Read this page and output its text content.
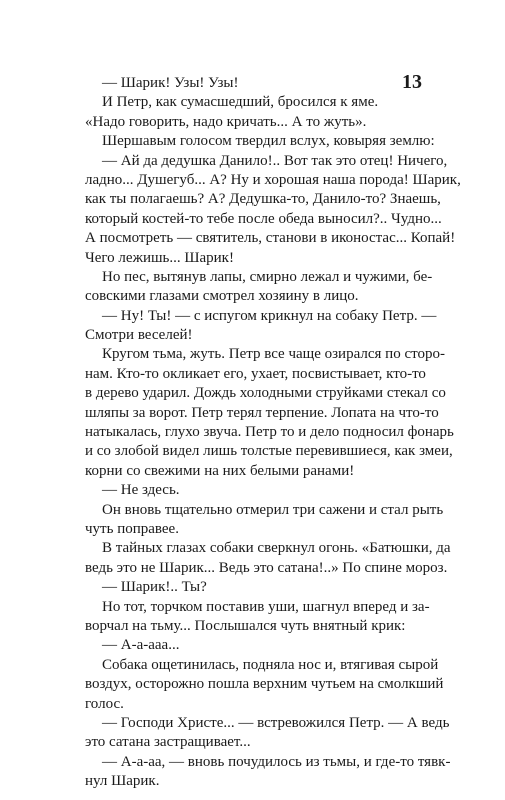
13
— Шарик! Узы! Узы!
И Петр, как сумасшедший, бросился к яме.
«Надо говорить, надо кричать... А то жуть».
Шершавым голосом твердил вслух, ковыряя землю:
— Ай да дедушка Данило!.. Вот так это отец! Ничего,
ладно... Душегуб... А? Ну и хорошая наша порода! Шарик,
как ты полагаешь? А? Дедушка-то, Данило-то? Знаешь,
который костей-то тебе после обеда выносил?.. Чудно...
А посмотреть — святитель, станови в иконостас... Копай!
Чего лежишь... Шарик!
Но пес, вытянув лапы, смирно лежал и чужими, бе-
совскими глазами смотрел хозяину в лицо.
— Ну! Ты! — с испугом крикнул на собаку Петр. —
Смотри веселей!
Кругом тьма, жуть. Петр все чаще озирался по сторо-
нам. Кто-то окликает его, ухает, посвистывает, кто-то
в дерево ударил. Дождь холодными струйками стекал со
шляпы за ворот. Петр терял терпение. Лопата на что-то
натыкалась, глухо звуча. Петр то и дело подносил фонарь
и со злобой видел лишь толстые перевившиеся, как змеи,
корни со свежими на них белыми ранами!
— Не здесь.
Он вновь тщательно отмерил три сажени и стал рыть
чуть поправее.
В тайных глазах собаки сверкнул огонь. «Батюшки, да
ведь это не Шарик... Ведь это сатана!..» По спине мороз.
— Шарик!.. Ты?
Но тот, торчком поставив уши, шагнул вперед и за-
ворчал на тьму... Послышался чуть внятный крик:
— А-а-ааа...
Собака ощетинилась, подняла нос и, втягивая сырой
воздух, осторожно пошла верхним чутьем на смолкший
голос.
— Господи Христе... — встревожился Петр. — А ведь
это сатана застращивает...
— А-а-аа, — вновь почудилось из тьмы, и где-то тявк-
нул Шарик.
